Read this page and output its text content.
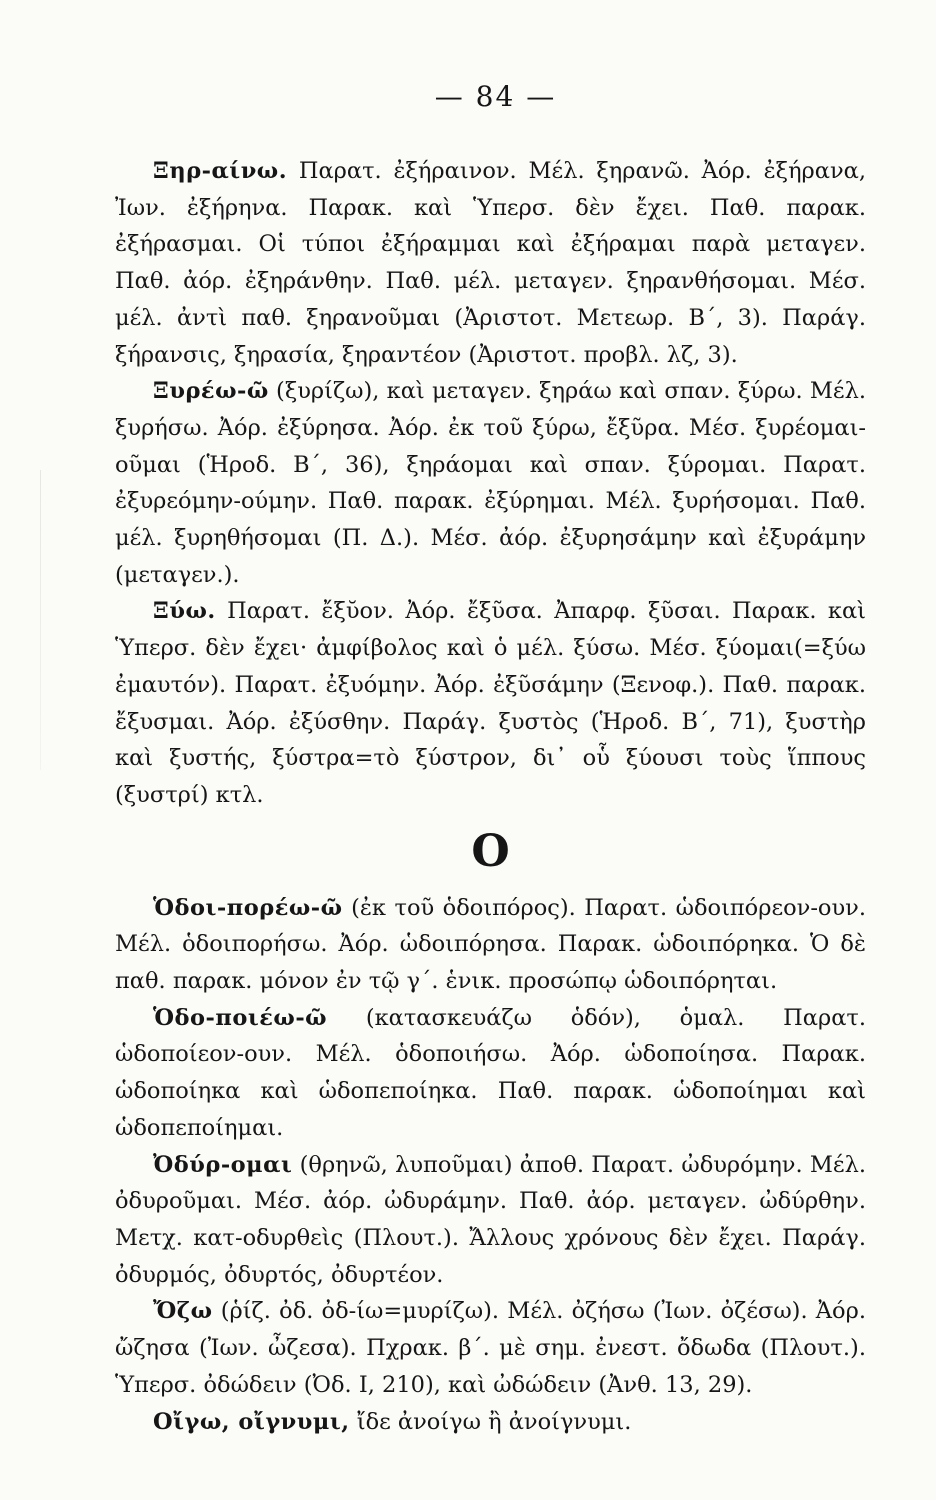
— 84 —

Ξηρ-αίνω. Παρατ. ἐξήραινον. Μέλ. ξηρανῶ. Ἀόρ. ἐξήρανα, Ἰων. ἐξήρηνα. Παρακ. καὶ Ὑπερσ. δὲν ἔχει. Παθ. παρακ. ἐξήρασμαι. Οἱ τύποι ἐξήραμμαι καὶ ἐξήραμαι παρὰ μεταγεν. Παθ. ἀόρ. ἐξηράνθην. Παθ. μέλ. μεταγεν. ξηρανθήσομαι. Μέσ. μέλ. ἀντὶ παθ. ξηρανοῦμαι (Ἀριστοτ. Μετεωρ. Β΄, 3). Παράγ. ξήρανσις, ξηρασία, ξηραντέον (Ἀριστοτ. προβλ. λζ, 3).

Ξυρέω-ῶ (ξυρίζω), καὶ μεταγεν. ξηράω καὶ σπαν. ξύρω. Μέλ. ξυρήσω. Ἀόρ. ἐξύρησα. Ἀόρ. ἐκ τοῦ ξύρω, ἔξῦρα. Μέσ. ξυρέομαι-οῦμαι (Ἡροδ. Β΄, 36), ξηράομαι καὶ σπαν. ξύρομαι. Παρατ. ἐξυρεόμην-ούμην. Παθ. παρακ. ἐξύρημαι. Μέλ. ξυρήσομαι. Παθ. μέλ. ξυρηθήσομαι (Π. Δ.). Μέσ. ἀόρ. ἐξυρησάμην καὶ ἐξυράμην (μεταγεν.).

Ξύω. Παρατ. ἔξῠον. Ἀόρ. ἔξῦσα. Ἀπαρφ. ξῦσαι. Παρακ. καὶ Ὑπερσ. δὲν ἔχει· ἀμφίβολος καὶ ὁ μέλ. ξύσω. Μέσ. ξύομαι(=ξύω ἐμαυτόν). Παρατ. ἐξυόμην. Ἀόρ. ἐξῦσάμην (Ξενοφ.). Παθ. παρακ. ἔξυσμαι. Ἀόρ. ἐξύσθην. Παράγ. ξυστὸς (Ἡροδ. Β΄, 71), ξυστὴρ καὶ ξυστής, ξύστρα=τὸ ξύστρον, δι᾽ οὗ ξύουσι τοὺς ἵππους (ξυστρί) κτλ.

Ο

Ὁδοι-πορέω-ῶ (ἐκ τοῦ ὁδοιπόρος). Παρατ. ὡδοιπόρεον-ουν. Μέλ. ὁδοιπορήσω. Ἀόρ. ὡδοιπόρησα. Παρακ. ὡδοιπόρηκα. Ὁ δὲ παθ. παρακ. μόνον ἐν τῷ γ΄. ἑνικ. προσώπῳ ὡδοιπόρηται.

Ὁδο-ποιέω-ῶ (κατασκευάζω ὁδόν), ὁμαλ. Παρατ. ὡδοποίεον-ουν. Μέλ. ὁδοποιήσω. Ἀόρ. ὡδοποίησα. Παρακ. ὡδοποίηκα καὶ ὡδοπεποίηκα. Παθ. παρακ. ὡδοποίημαι καὶ ὡδοπεποίημαι.

Ὀδύρ-ομαι (θρηνῶ, λυποῦμαι) ἀποθ. Παρατ. ὠδυρόμην. Μέλ. ὀδυροῦμαι. Μέσ. ἀόρ. ὠδυράμην. Παθ. ἀόρ. μεταγεν. ὠδύρθην. Μετχ. κατ-οδυρθεὶς (Πλουτ.). Ἄλλους χρόνους δὲν ἔχει. Παράγ. ὀδυρμός, ὀδυρτός, ὀδυρτέον.

Ὄζω (ῥίζ. ὀδ. ὀδ-ίω=μυρίζω). Μέλ. ὀζήσω (Ἰων. ὀζέσω). Ἀόρ. ὤζησα (Ἰων. ὦζεσα). Πχρακ. β΄. μὲ σημ. ἐνεστ. ὄδωδα (Πλουτ.). Ὑπερσ. ὀδώδειν (Ὀδ. Ι, 210), καὶ ὠδώδειν (Ἀνθ. 13, 29).

Οἴγω, οἴγνυμι, ἴδε ἀνοίγω ἢ ἀνοίγνυμι.
